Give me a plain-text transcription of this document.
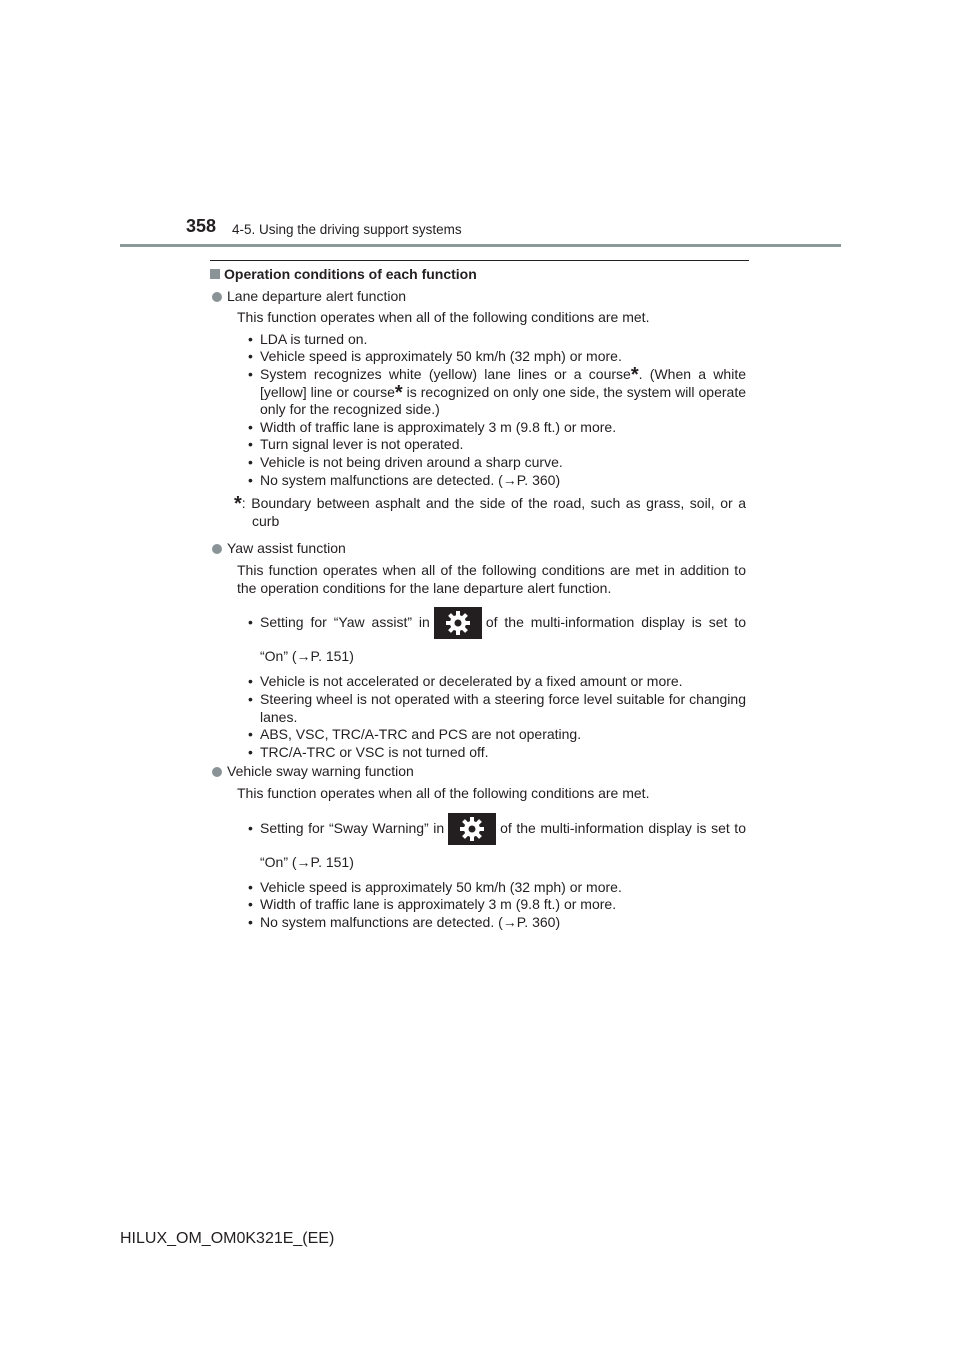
358 4-5. Using the driving support systems

Operation conditions of each function

Lane departure alert function

This function operates when all of the following conditions are met.

• LDA is turned on.
• Vehicle speed is approximately 50 km/h (32 mph) or more.
• System recognizes white (yellow) lane lines or a course*. (When a white [yellow] line or course* is recognized on only one side, the system will operate only for the recognized side.)
• Width of traffic lane is approximately 3 m (9.8 ft.) or more.
• Turn signal lever is not operated.
• Vehicle is not being driven around a sharp curve.
• No system malfunctions are detected. (→P. 360)

*: Boundary between asphalt and the side of the road, such as grass, soil, or a curb

Yaw assist function

This function operates when all of the following conditions are met in addition to the operation conditions for the lane departure alert function.

• Setting for “Yaw assist” in	of the multi-information display is set to “On” (→P. 151)
• Vehicle is not accelerated or decelerated by a fixed amount or more.
• Steering wheel is not operated with a steering force level suitable for changing lanes.
• ABS, VSC, TRC/A-TRC and PCS are not operating.
• TRC/A-TRC or VSC is not turned off.

Vehicle sway warning function

This function operates when all of the following conditions are met.

• Setting for “Sway Warning” in	of the multi-information display is set to “On” (→P. 151)
• Vehicle speed is approximately 50 km/h (32 mph) or more.
• Width of traffic lane is approximately 3 m (9.8 ft.) or more.
• No system malfunctions are detected. (→P. 360)
HILUX_OM_OM0K321E_(EE)
